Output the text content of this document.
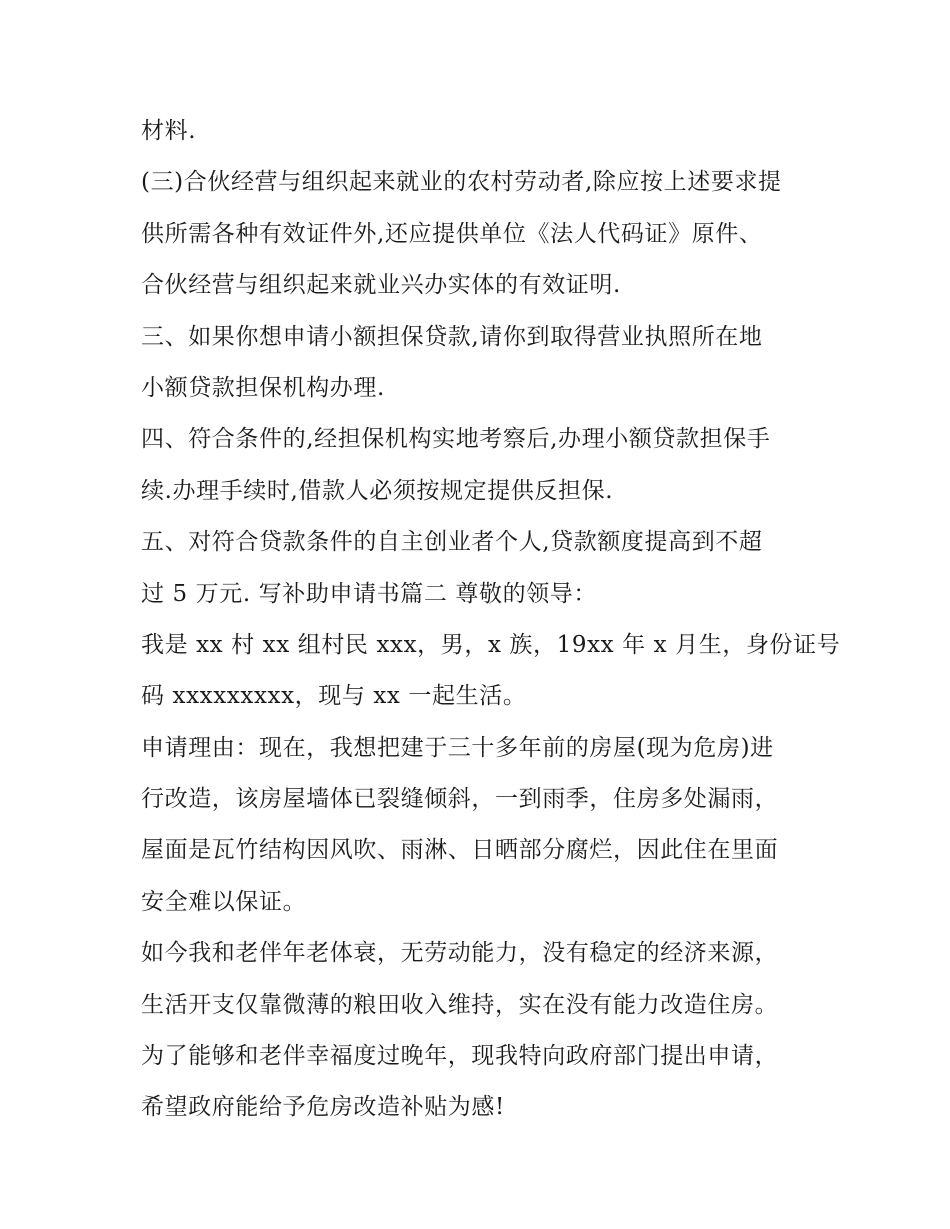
材料.
(三)合伙经营与组织起来就业的农村劳动者,除应按上述要求提
供所需各种有效证件外,还应提供单位《法人代码证》原件、
合伙经营与组织起来就业兴办实体的有效证明.
三、如果你想申请小额担保贷款,请你到取得营业执照所在地
小额贷款担保机构办理.
四、符合条件的,经担保机构实地考察后,办理小额贷款担保手
续.办理手续时,借款人必须按规定提供反担保.
五、对符合贷款条件的自主创业者个人,贷款额度提高到不超
过 5 万元. 写补助申请书篇二 尊敬的领导：
我是 xx 村 xx 组村民 xxx，男，x 族，19xx 年 x 月生，身份证号
码 xxxxxxxxx，现与 xx 一起生活。
申请理由：现在，我想把建于三十多年前的房屋(现为危房)进
行改造，该房屋墙体已裂缝倾斜，一到雨季，住房多处漏雨，
屋面是瓦竹结构因风吹、雨淋、日晒部分腐烂，因此住在里面
安全难以保证。
如今我和老伴年老体衰，无劳动能力，没有稳定的经济来源，
生活开支仅靠微薄的粮田收入维持，实在没有能力改造住房。
为了能够和老伴幸福度过晚年，现我特向政府部门提出申请，
希望政府能给予危房改造补贴为感!
